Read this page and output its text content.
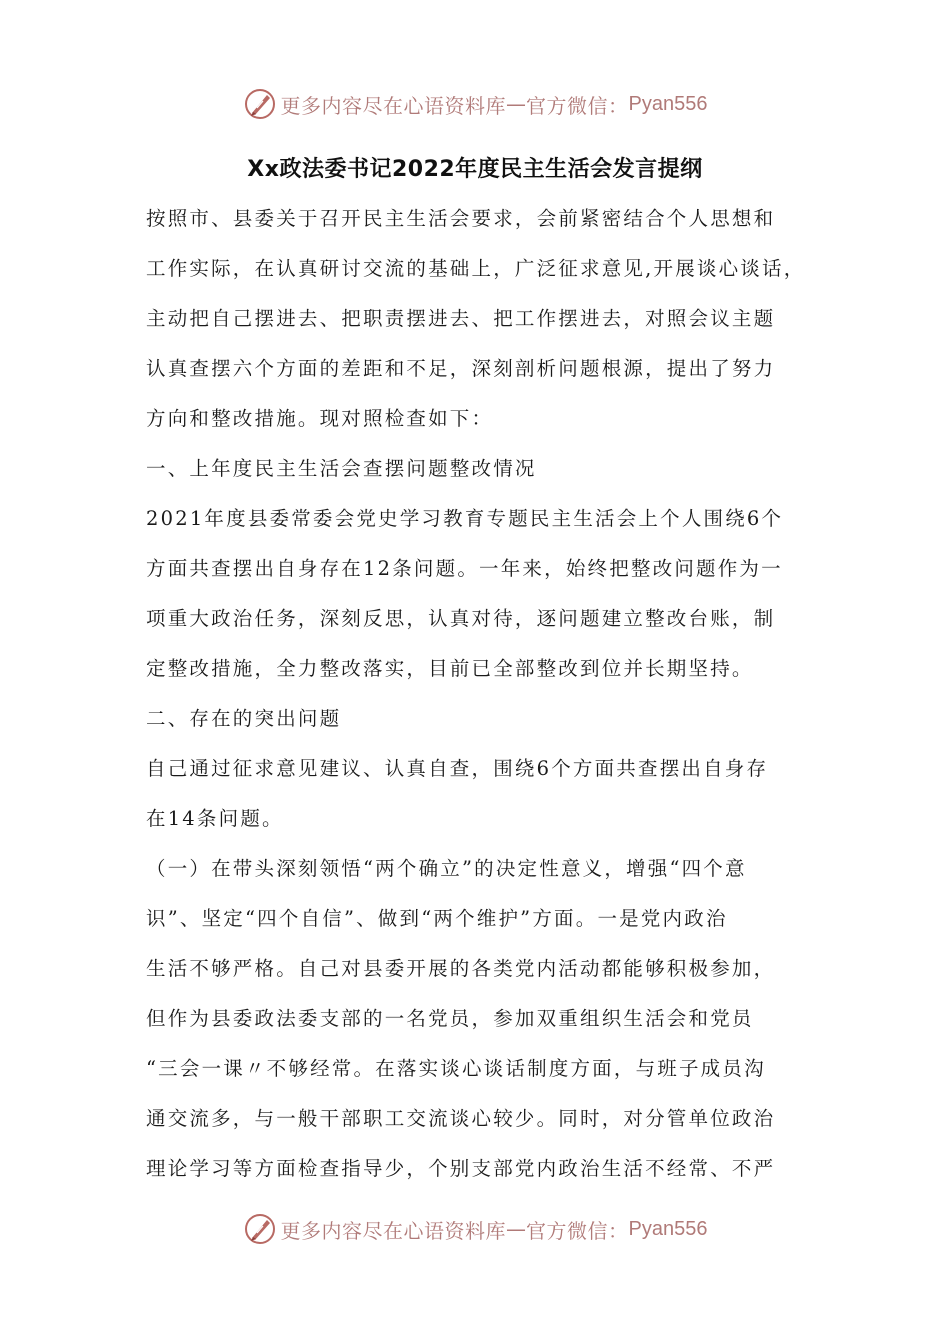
更多内容尽在心语资料库 — 官方微信： Pyan556
Xx政法委书记2022年度民主生活会发言提纲
按照市、县委关于召开民主生活会要求，会前紧密结合个人思想和
工作实际，在认真研讨交流的基础上，广泛征求意见,开展谈心谈话，
主动把自己摆进去、把职责摆进去、把工作摆进去，对照会议主题
认真查摆六个方面的差距和不足，深刻剖析问题根源，提出了努力
方向和整改措施。现对照检查如下：
一、上年度民主生活会查摆问题整改情况
2021年度县委常委会党史学习教育专题民主生活会上个人围绕6个
方面共查摆出自身存在12条问题。一年来，始终把整改问题作为一
项重大政治任务，深刻反思，认真对待，逐问题建立整改台账，制
定整改措施，全力整改落实，目前已全部整改到位并长期坚持。
二、存在的突出问题
自己通过征求意见建议、认真自查，围绕6个方面共查摆出自身存
在14条问题。
（一）在带头深刻领悟“两个确立”的决定性意义，增强“四个意
识”、坚定“四个自信”、做到“两个维护”方面。一是党内政治
生活不够严格。自己对县委开展的各类党内活动都能够积极参加，
但作为县委政法委支部的一名党员，参加双重组织生活会和党员
“三会一课〃不够经常。在落实谈心谈话制度方面，与班子成员沟
通交流多，与一般干部职工交流谈心较少。同时，对分管单位政治
理论学习等方面检查指导少，个别支部党内政治生活不经常、不严
更多内容尽在心语资料库 — 官方微信： Pyan556
